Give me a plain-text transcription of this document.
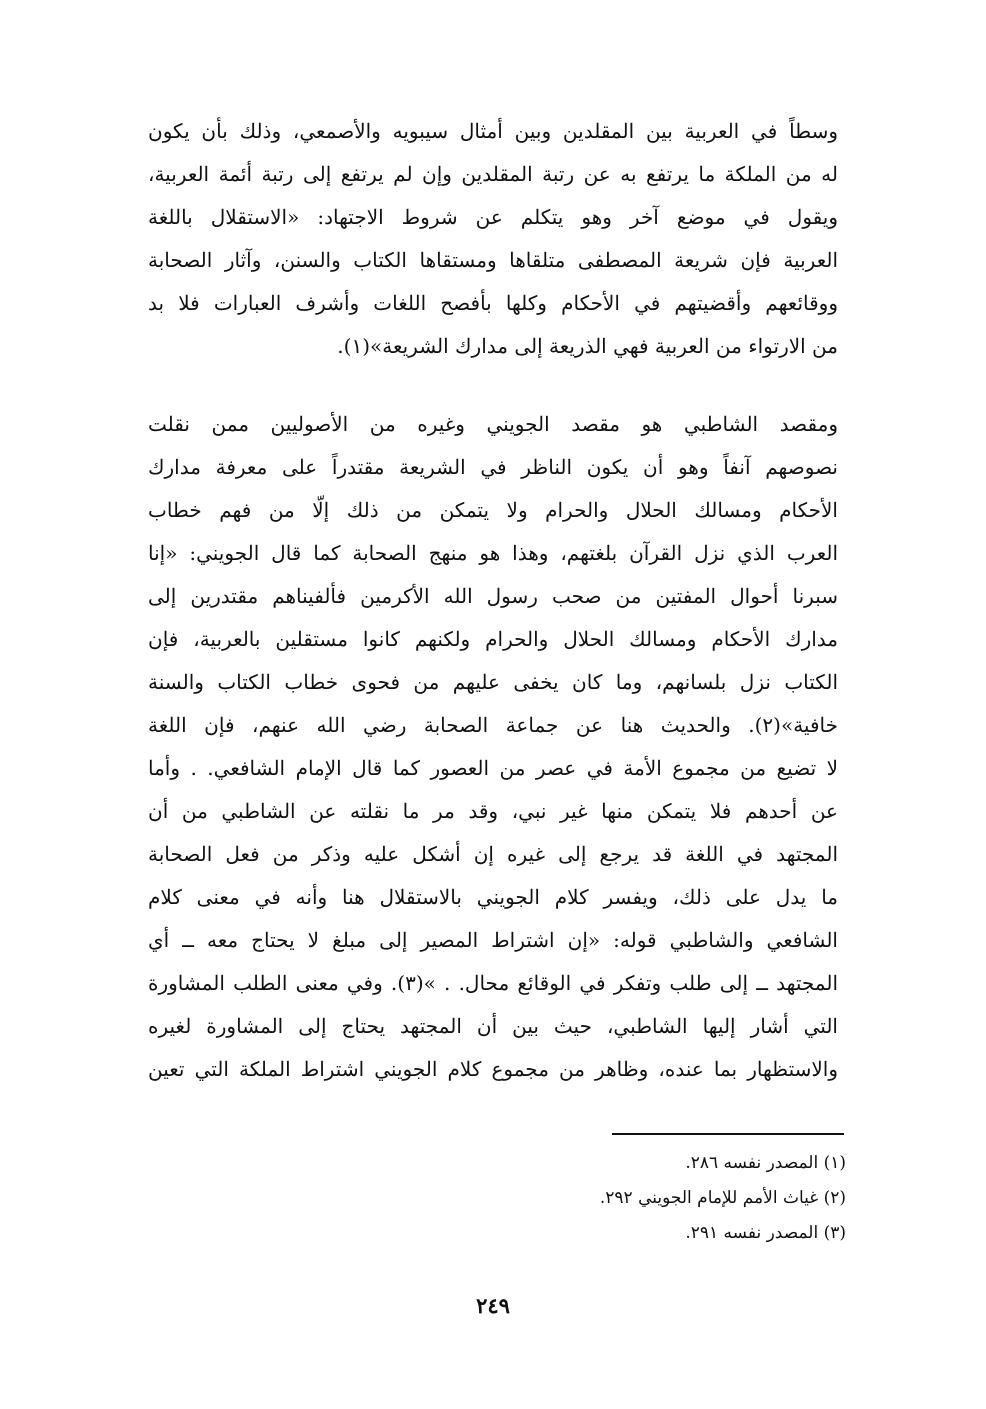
وسطاً في العربية بين المقلدين وبين أمثال سيبويه والأصمعي، وذلك بأن يكون
له من الملكة ما يرتفع به عن رتبة المقلدين وإن لم يرتفع إلى رتبة أئمة العربية،
ويقول في موضع آخر وهو يتكلم عن شروط الاجتهاد: «الاستقلال باللغة
العربية فإن شريعة المصطفى متلقاها ومستقاها الكتاب والسنن، وآثار الصحابة
ووقائعهم وأقضيتهم في الأحكام وكلها بأفصح اللغات وأشرف العبارات فلا بد
من الارتواء من العربية فهي الذريعة إلى مدارك الشريعة»(١).
ومقصد الشاطبي هو مقصد الجويني وغيره من الأصوليين ممن نقلت
نصوصهم آنفاً وهو أن يكون الناظر في الشريعة مقتدراً على معرفة مدارك
الأحكام ومسالك الحلال والحرام ولا يتمكن من ذلك إلّا من فهم خطاب
العرب الذي نزل القرآن بلغتهم، وهذا هو منهج الصحابة كما قال الجويني: «إنا
سبرنا أحوال المفتين من صحب رسول الله الأكرمين فألفيناهم مقتدرين إلى
مدارك الأحكام ومسالك الحلال والحرام ولكنهم كانوا مستقلين بالعربية، فإن
الكتاب نزل بلسانهم، وما كان يخفى عليهم من فحوى خطاب الكتاب والسنة
خافية»(٢). والحديث هنا عن جماعة الصحابة رضي الله عنهم، فإن اللغة
لا تضيع من مجموع الأمة في عصر من العصور كما قال الإمام الشافعي. . وأما
عن أحدهم فلا يتمكن منها غير نبي، وقد مر ما نقلته عن الشاطبي من أن
المجتهد في اللغة قد يرجع إلى غيره إن أشكل عليه وذكر من فعل الصحابة
ما يدل على ذلك، ويفسر كلام الجويني بالاستقلال هنا وأنه في معنى كلام
الشافعي والشاطبي قوله: «إن اشتراط المصير إلى مبلغ لا يحتاج معه ــ أي
المجتهد ــ إلى طلب وتفكر في الوقائع محال. . »(٣). وفي معنى الطلب المشاورة
التي أشار إليها الشاطبي، حيث بين أن المجتهد يحتاج إلى المشاورة لغيره
والاستظهار بما عنده، وظاهر من مجموع كلام الجويني اشتراط الملكة التي تعين
(١) المصدر نفسه ٢٨٦.
(٢) غياث الأمم للإمام الجويني ٢٩٢.
(٣) المصدر نفسه ٢٩١.
٢٤٩
